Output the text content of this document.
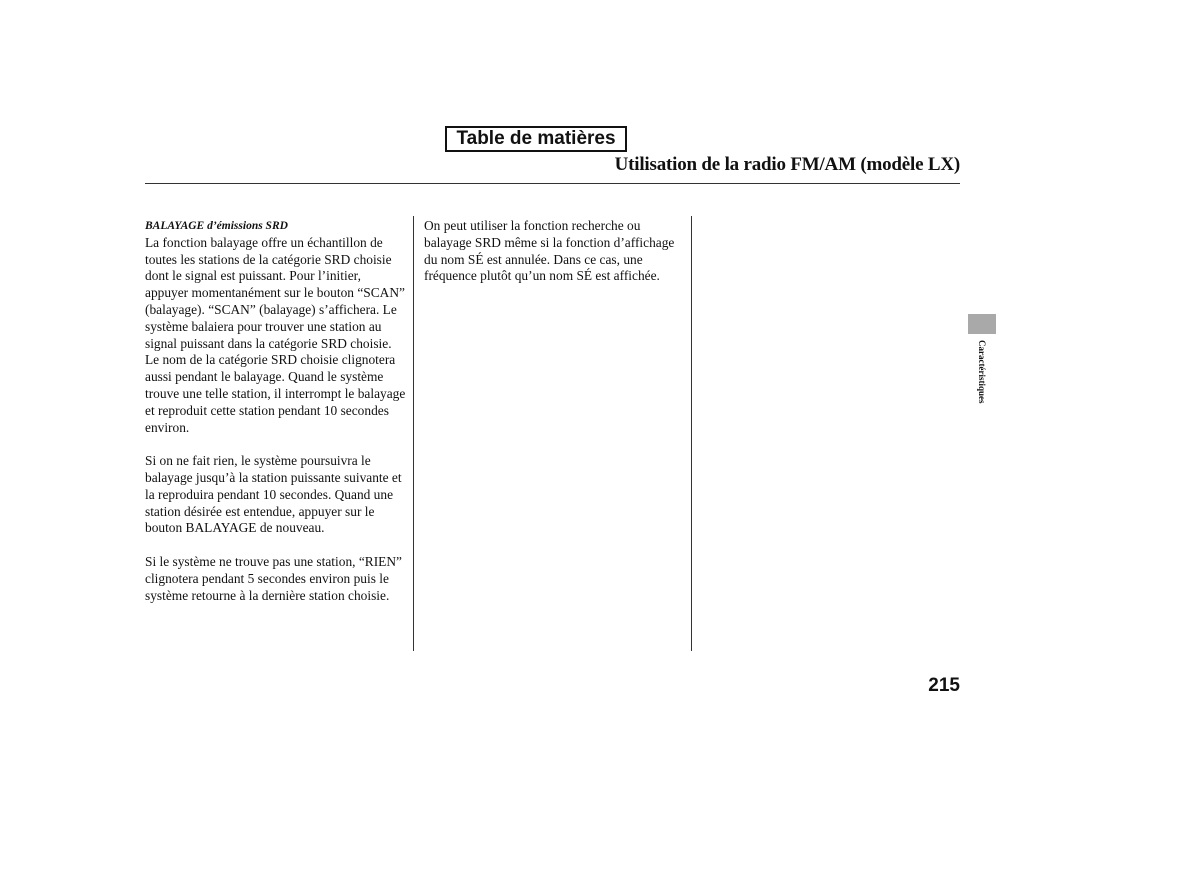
Table de matières
Utilisation de la radio FM/AM (modèle LX)
BALAYAGE d’émissions SRD

La fonction balayage offre un échantillon de toutes les stations de la catégorie SRD choisie dont le signal est puissant. Pour l’initier, appuyer momentanément sur le bouton “SCAN” (balayage). “SCAN” (balayage) s’affichera. Le système balaiera pour trouver une station au signal puissant dans la catégorie SRD choisie. Le nom de la catégorie SRD choisie clignotera aussi pendant le balayage. Quand le système trouve une telle station, il interrompt le balayage et reproduit cette station pendant 10 secondes environ.

Si on ne fait rien, le système poursuivra le balayage jusqu’à la station puissante suivante et la reproduira pendant 10 secondes. Quand une station désirée est entendue, appuyer sur le bouton BALAYAGE de nouveau.

Si le système ne trouve pas une station, “RIEN” clignotera pendant 5 secondes environ puis le système retourne à la dernière station choisie.

On peut utiliser la fonction recherche ou balayage SRD même si la fonction d’affichage du nom SÉ est annulée. Dans ce cas, une fréquence plutôt qu’un nom SÉ est affichée.

Caractéristiques
215
